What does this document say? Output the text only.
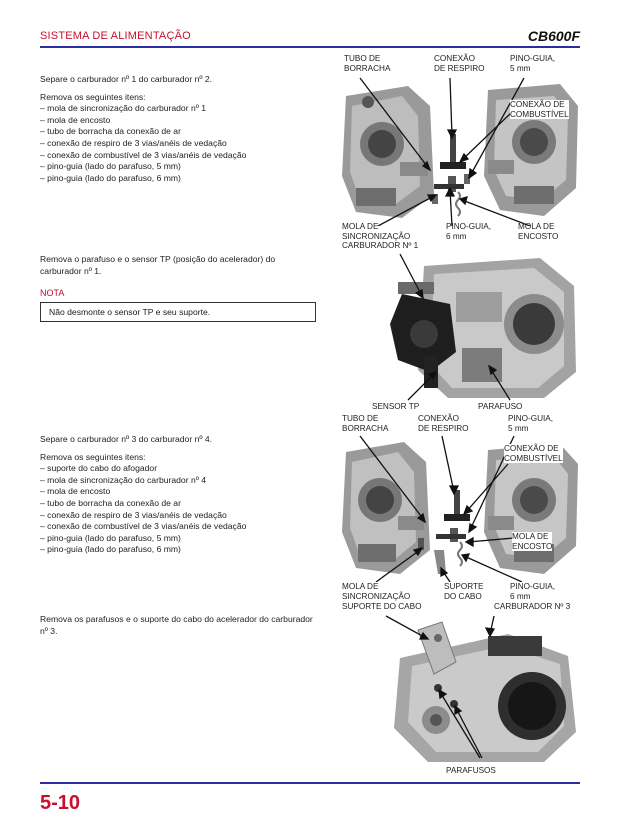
SISTEMA DE ALIMENTAÇÃO	CB600F

Separe o carburador nº 1 do carburador nº 2.

Remova os seguintes itens:

– mola de sincronização do carburador nº 1
– mola de encosto
– tubo de borracha da conexão de ar
– conexão de respiro de 3 vias/anéis de vedação
– conexão de combustível de 3 vias/anéis de vedação
– pino-guia (lado do parafuso, 5 mm)
– pino-guia (lado do parafuso, 6 mm)

Remova o parafuso e o sensor TP (posição do acelerador) do carburador nº 1.

NOTA
Não desmonte o sensor TP e seu suporte.

Separe o carburador nº 3 do carburador nº 4.

Remova os seguintes itens:

– suporte do cabo do afogador
– mola de sincronização do carburador nº 4
– mola de encosto
– tubo de borracha da conexão de ar
– conexão de respiro de 3 vias/anéis de vedação
– conexão de combustível de 3 vias/anéis de vedação
– pino-guia (lado do parafuso, 5 mm)
– pino-guia (lado do parafuso, 6 mm)

Remova os parafusos e o suporte do cabo do acelerador do carburador nº 3.

TUBO DE
BORRACHA
CONEXÃO
DE RESPIRO
PINO-GUIA,
5 mm
CONEXÃO DE
COMBUSTÍVEL
MOLA DE
SINCRONIZAÇÃO
PINO-GUIA,
6 mm
MOLA DE
ENCOSTO
CARBURADOR Nº 1
SENSOR TP	PARAFUSO
TUBO DE
BORRACHA
CONEXÃO
DE RESPIRO
PINO-GUIA,
5 mm
CONEXÃO DE
COMBUSTÍVEL
MOLA DE
ENCOSTO
MOLA DE
SINCRONIZAÇÃO
SUPORTE
DO CABO
PINO-GUIA,
6 mm
SUPORTE DO CABO	CARBURADOR Nº 3
PARAFUSOS
5-10
